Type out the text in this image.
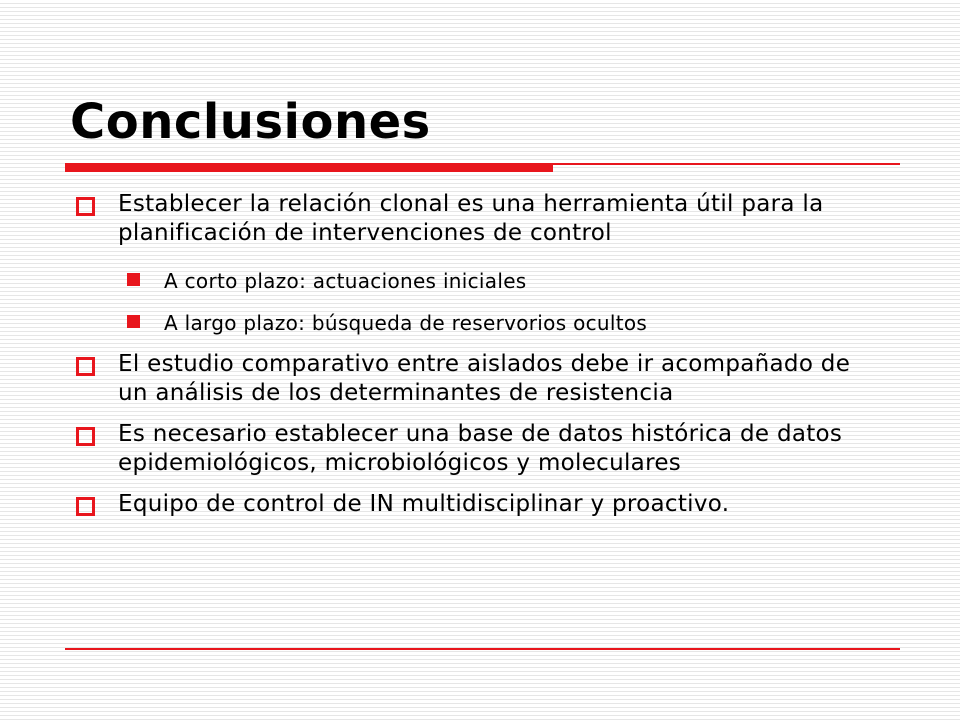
Conclusiones
Establecer la relación clonal es una herramienta útil para la planificación de intervenciones de control
A corto plazo: actuaciones iniciales
A largo plazo: búsqueda de reservorios ocultos
El estudio comparativo entre aislados debe ir acompañado de un análisis de los determinantes de resistencia
Es necesario establecer una base de datos histórica de datos epidemiológicos, microbiológicos y moleculares
Equipo de control de IN multidisciplinar y proactivo.
